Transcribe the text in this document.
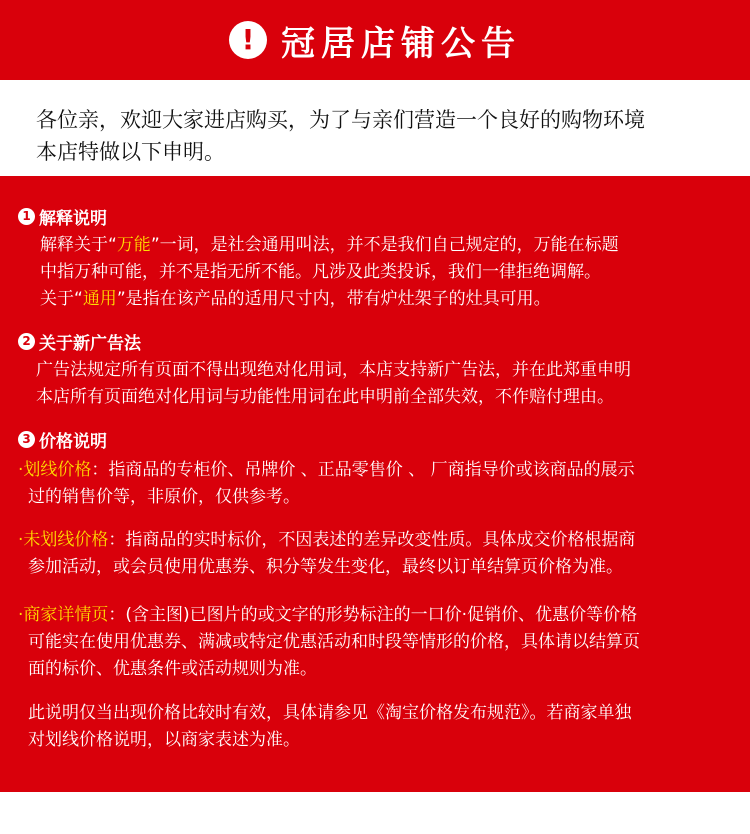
! 冠居店铺公告
各位亲，欢迎大家进店购买，为了与亲们营造一个良好的购物环境
本店特做以下申明。
1 解释说明
解释关于“万能”一词，是社会通用叫法，并不是我们自己规定的，万能在标题
中指万种可能，并不是指无所不能。凡涉及此类投诉，我们一律拒绝调解。
关于“通用”是指在该产品的适用尺寸内，带有炉灶架子的灶具可用。
2 关于新广告法
广告法规定所有页面不得出现绝对化用词，本店支持新广告法，并在此郑重申明
本店所有页面绝对化用词与功能性用词在此申明前全部失效，不作赔付理由。
3 价格说明
·划线价格：指商品的专柜价、吊牌价 、正品零售价 、 厂商指导价或该商品的展示
过的销售价等，非原价，仅供参考。
·未划线价格：指商品的实时标价，不因表述的差异改变性质。具体成交价格根据商
参加活动，或会员使用优惠券、积分等发生变化，最终以订单结算页价格为准。
·商家详情页：(含主图)已图片的或文字的形势标注的一口价·促销价、优惠价等价格
可能实在使用优惠券、满减或特定优惠活动和时段等情形的价格，具体请以结算页
面的标价、优惠条件或活动规则为准。
此说明仅当出现价格比较时有效，具体请参见《淘宝价格发布规范》。若商家单独
对划线价格说明，以商家表述为准。
